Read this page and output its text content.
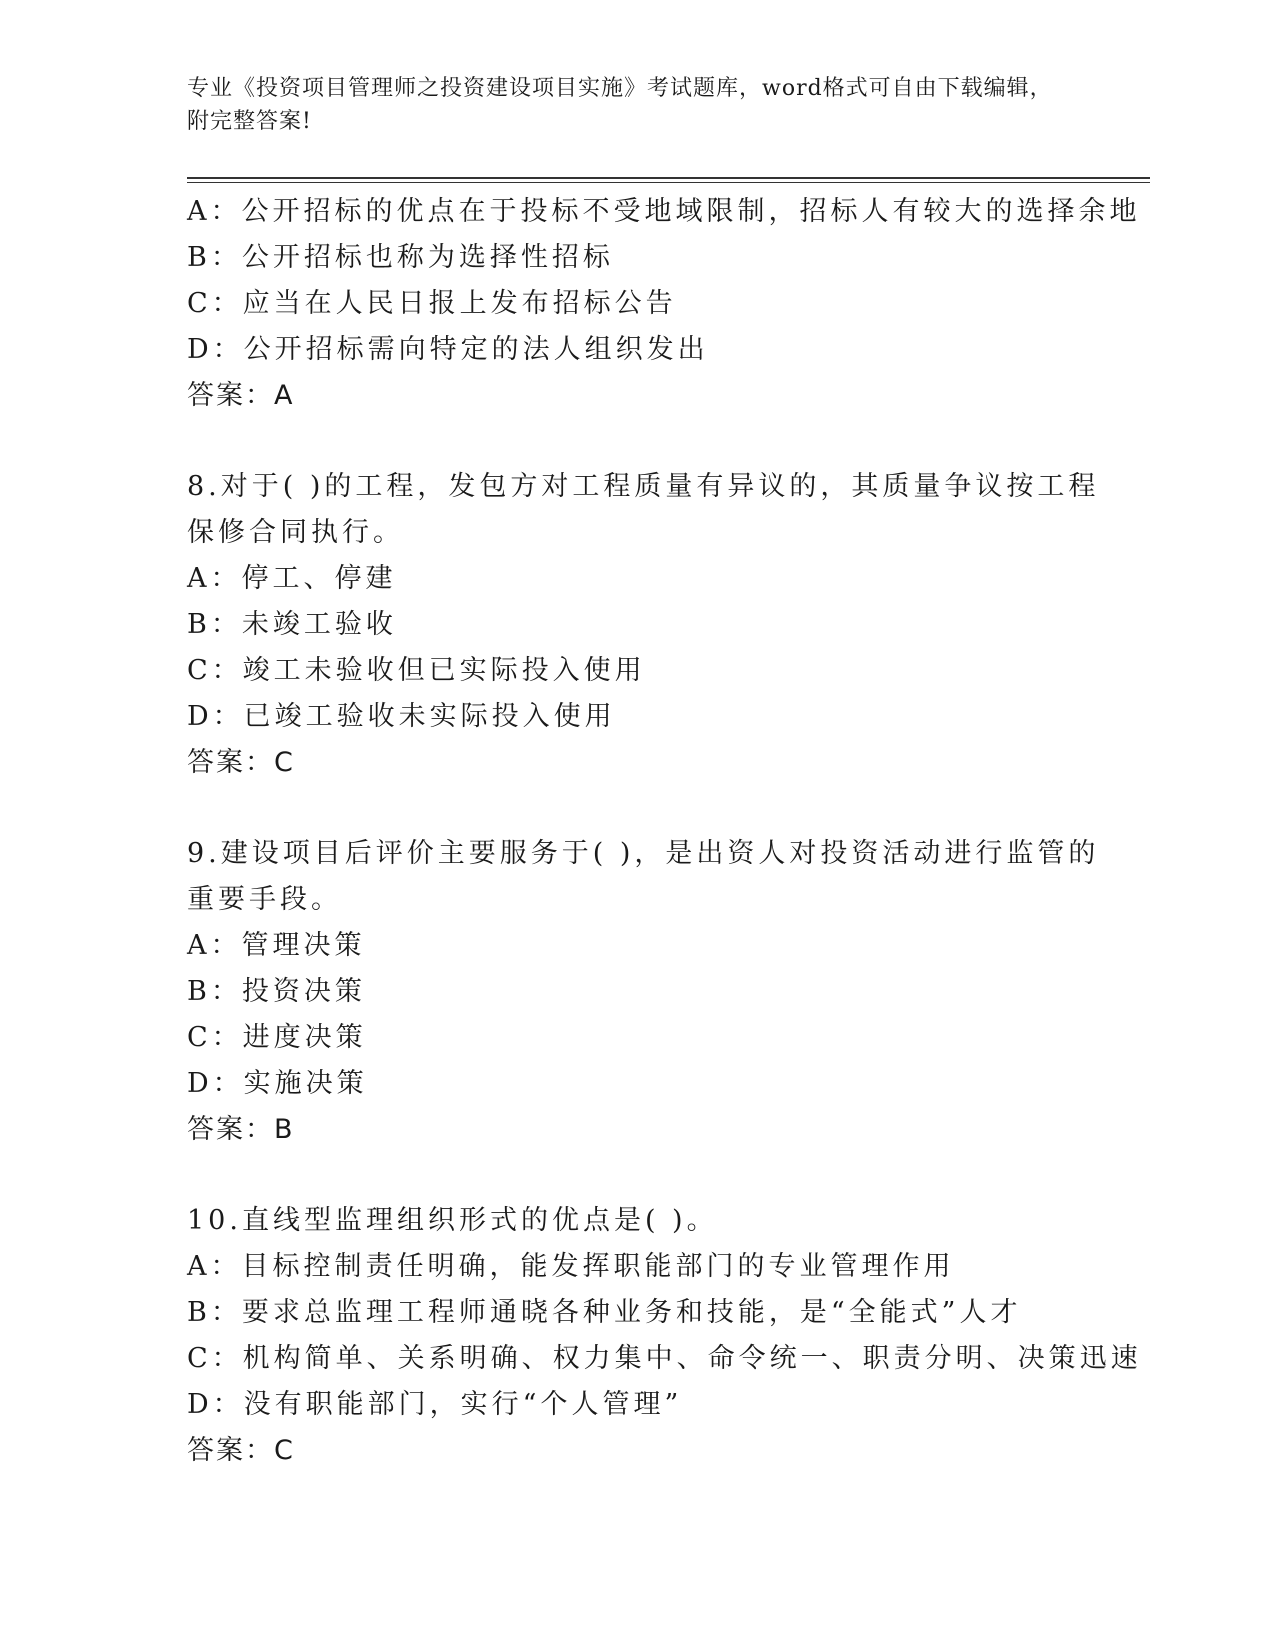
专业《投资项目管理师之投资建设项目实施》考试题库，word格式可自由下载编辑，附完整答案!
A：公开招标的优点在于投标不受地域限制，招标人有较大的选择余地
B：公开招标也称为选择性招标
C：应当在人民日报上发布招标公告
D：公开招标需向特定的法人组织发出
答案：A
8.对于( )的工程，发包方对工程质量有异议的，其质量争议按工程
保修合同执行。
A：停工、停建
B：未竣工验收
C：竣工未验收但已实际投入使用
D：已竣工验收未实际投入使用
答案：C
9.建设项目后评价主要服务于( )，是出资人对投资活动进行监管的
重要手段。
A：管理决策
B：投资决策
C：进度决策
D：实施决策
答案：B
10.直线型监理组织形式的优点是( )。
A：目标控制责任明确，能发挥职能部门的专业管理作用
B：要求总监理工程师通晓各种业务和技能，是“全能式”人才
C：机构简单、关系明确、权力集中、命令统一、职责分明、决策迅速
D：没有职能部门，实行“个人管理”
答案：C
